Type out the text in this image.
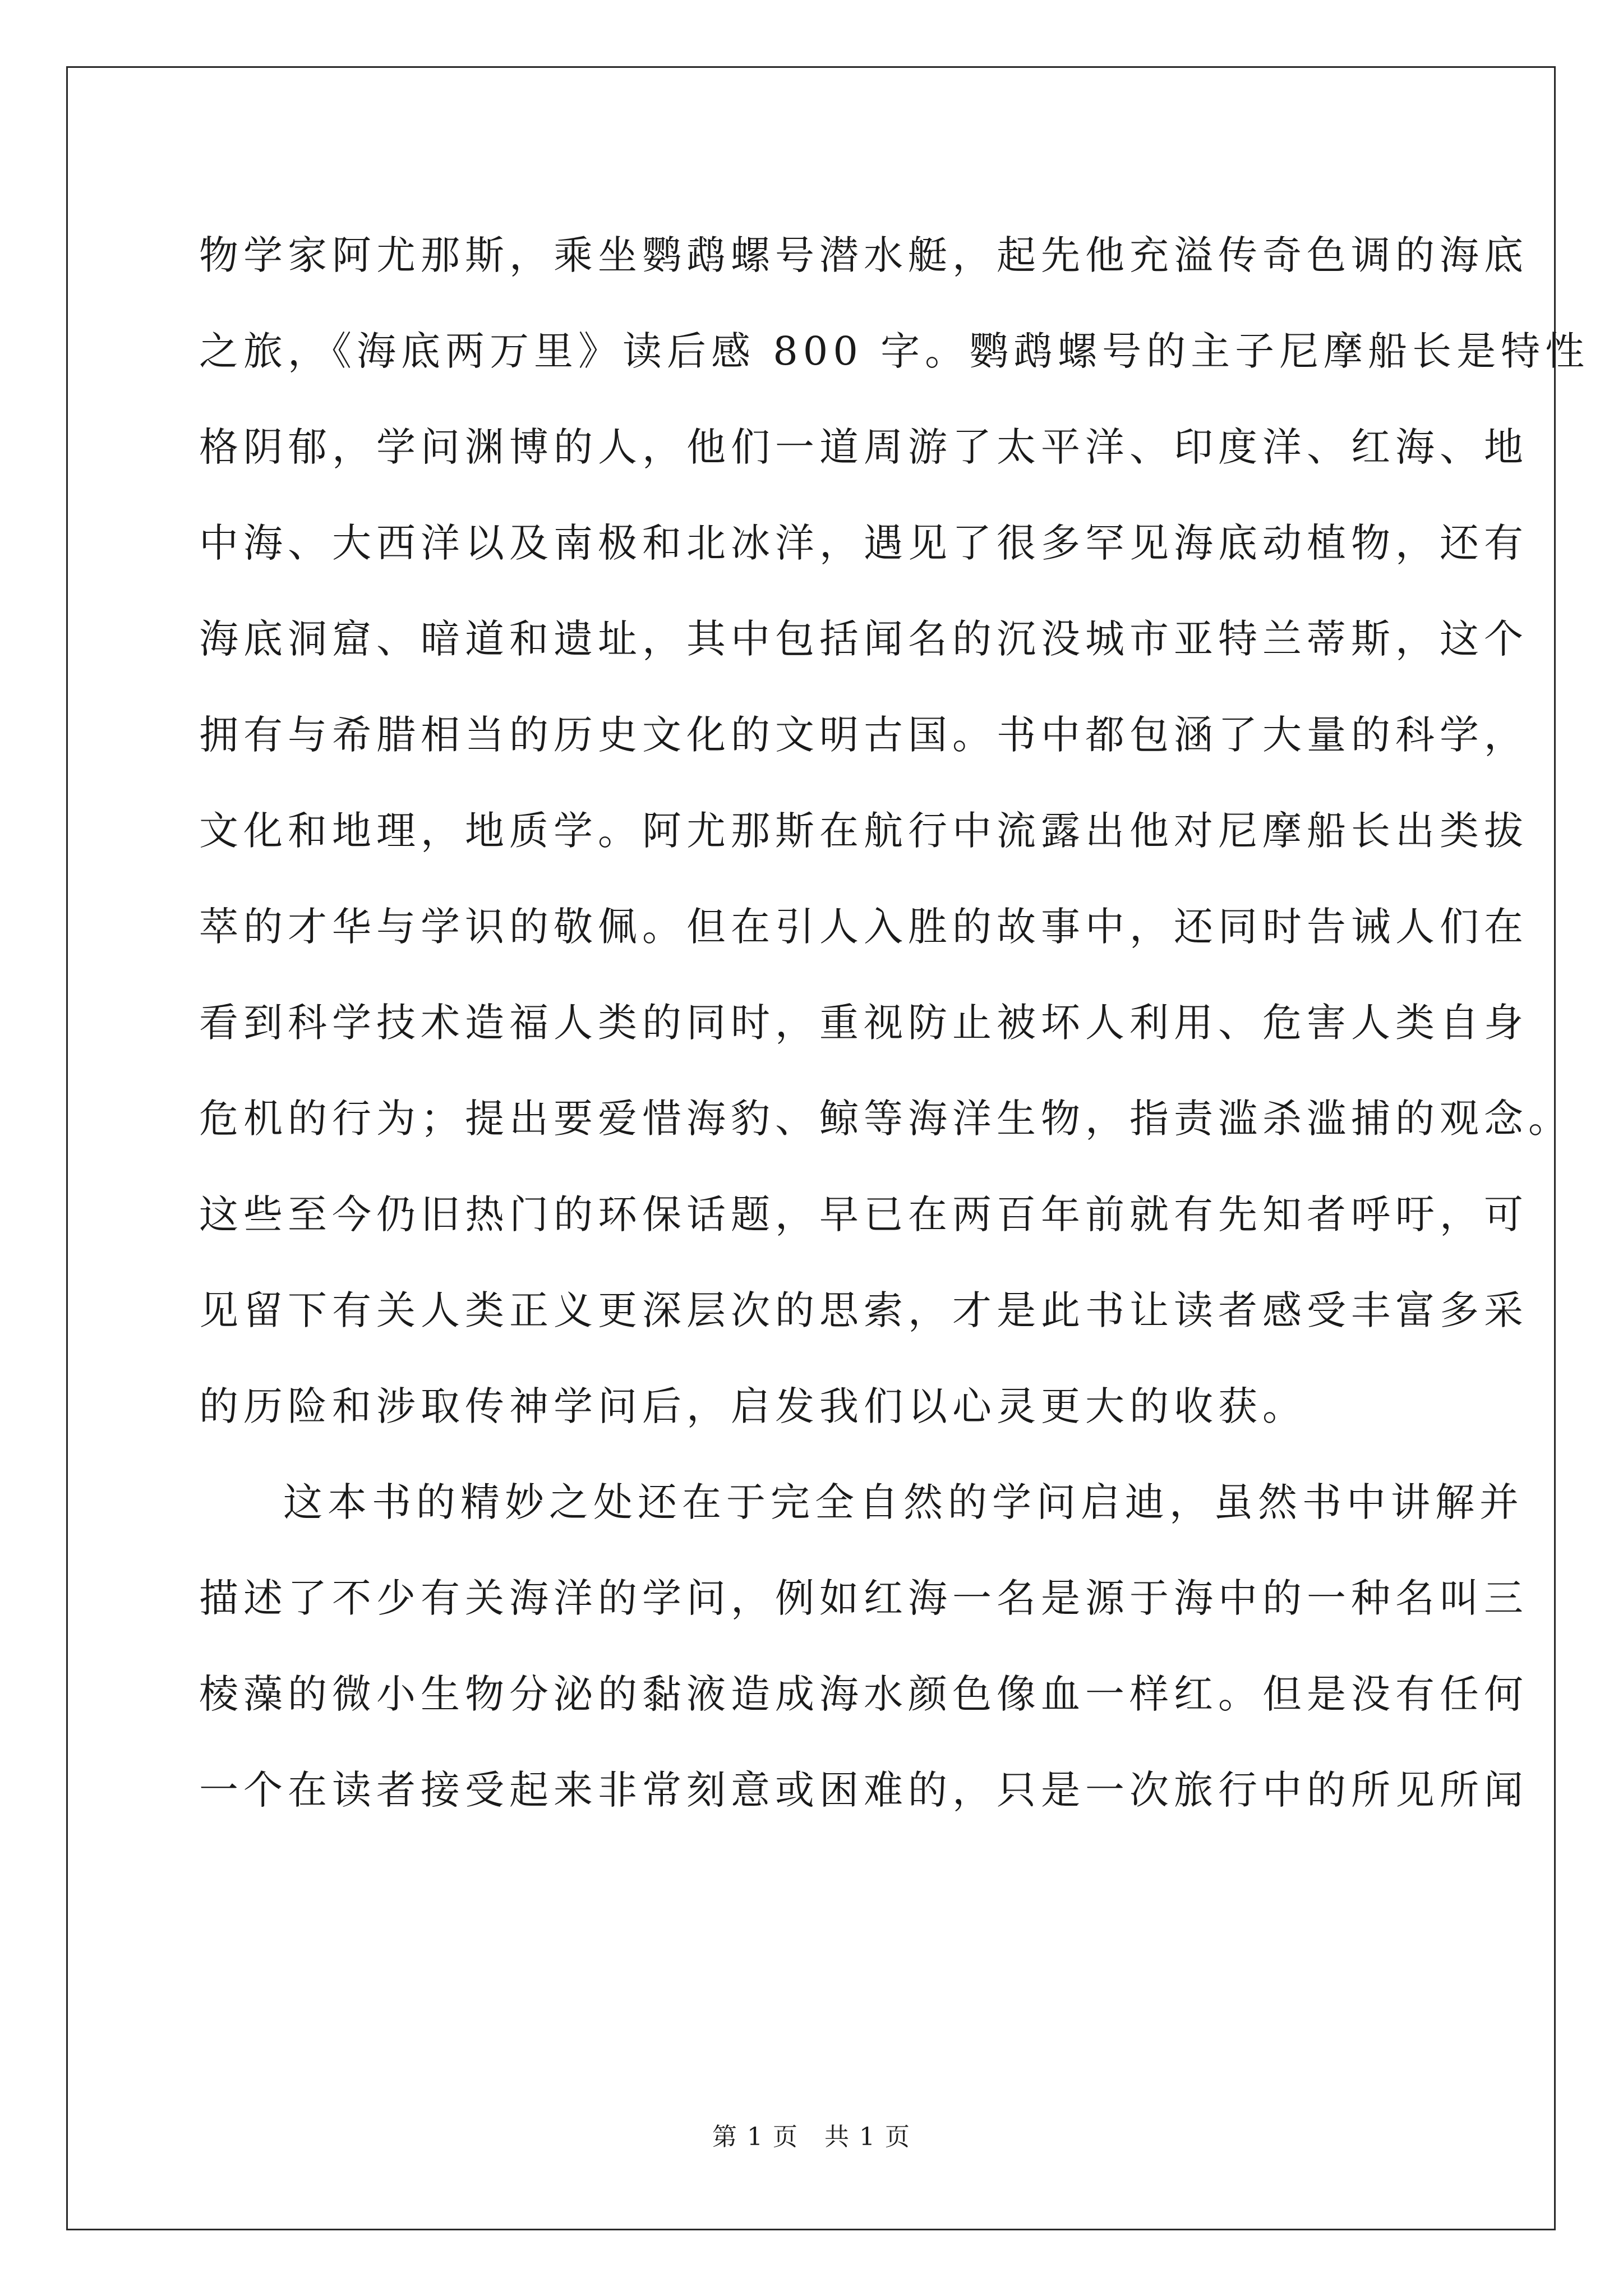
物学家阿尤那斯，乘坐鹦鹉螺号潜水艇，起先他充溢传奇色调的海底
之旅，《海底两万里》读后感 800 字。鹦鹉螺号的主子尼摩船长是特性
格阴郁，学问渊博的人，他们一道周游了太平洋、印度洋、红海、地
中海、大西洋以及南极和北冰洋，遇见了很多罕见海底动植物，还有
海底洞窟、暗道和遗址，其中包括闻名的沉没城市亚特兰蒂斯，这个
拥有与希腊相当的历史文化的文明古国。书中都包涵了大量的科学，
文化和地理，地质学。阿尤那斯在航行中流露出他对尼摩船长出类拔
萃的才华与学识的敬佩。但在引人入胜的故事中，还同时告诫人们在
看到科学技术造福人类的同时，重视防止被坏人利用、危害人类自身
危机的行为；提出要爱惜海豹、鲸等海洋生物，指责滥杀滥捕的观念。
这些至今仍旧热门的环保话题，早已在两百年前就有先知者呼吁，可
见留下有关人类正义更深层次的思索，才是此书让读者感受丰富多采
的历险和涉取传神学问后，启发我们以心灵更大的收获。
这本书的精妙之处还在于完全自然的学问启迪，虽然书中讲解并
描述了不少有关海洋的学问，例如红海一名是源于海中的一种名叫三
棱藻的微小生物分泌的黏液造成海水颜色像血一样红。但是没有任何
一个在读者接受起来非常刻意或困难的，只是一次旅行中的所见所闻
第 1 页　共 1 页
